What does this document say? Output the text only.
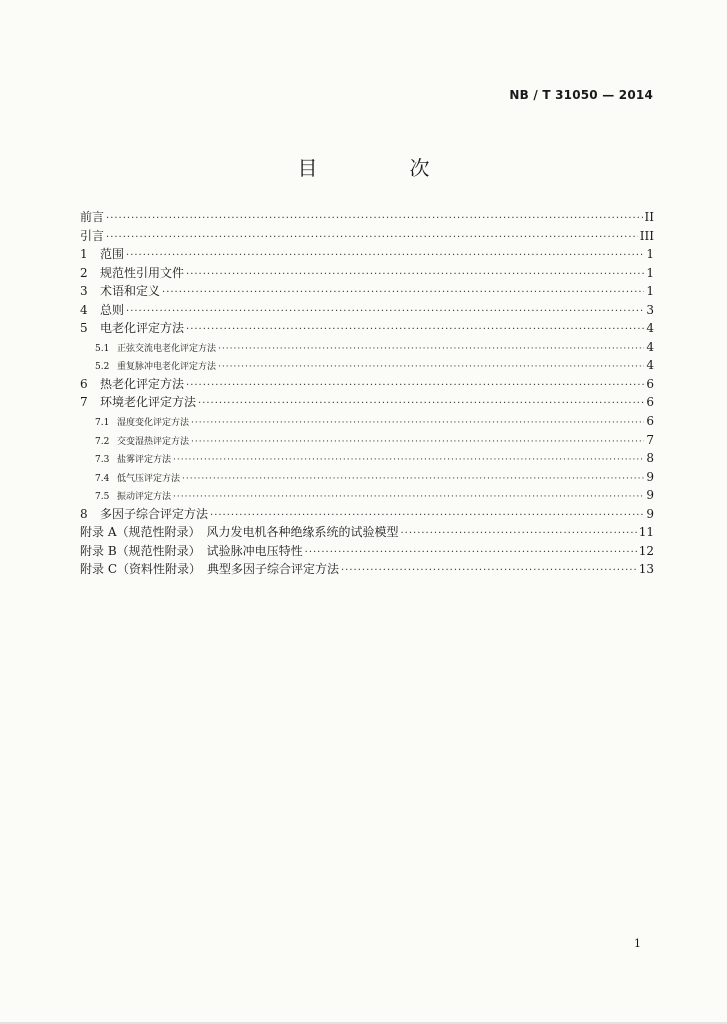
NB / T 31050 — 2014
目　次
前言 ·····	II
引言 ·····	III
1	范围 ·····	1
2	规范性引用文件 ·····	1
3	术语和定义 ·····	1
4	总则 ·····	3
5	电老化评定方法 ·····	4
5.1 正弦交流电老化评定方法 ·····	4
5.2 重复脉冲电老化评定方法 ·····	4
6	热老化评定方法 ·····	6
7	环境老化评定方法 ·····	6
7.1 湿度变化评定方法 ·····	6
7.2 交变湿热评定方法 ·····	7
7.3 盐雾评定方法 ·····	8
7.4 低气压评定方法 ·····	9
7.5 振动评定方法 ·····	9
8	多因子综合评定方法 ·····	9
附录 A（规范性附录）　风力发电机各种绝缘系统的试验模型 ·····	11
附录 B（规范性附录）　试验脉冲电压特性 ·····	12
附录 C（资料性附录）　典型多因子综合评定方法 ·····	13
1
